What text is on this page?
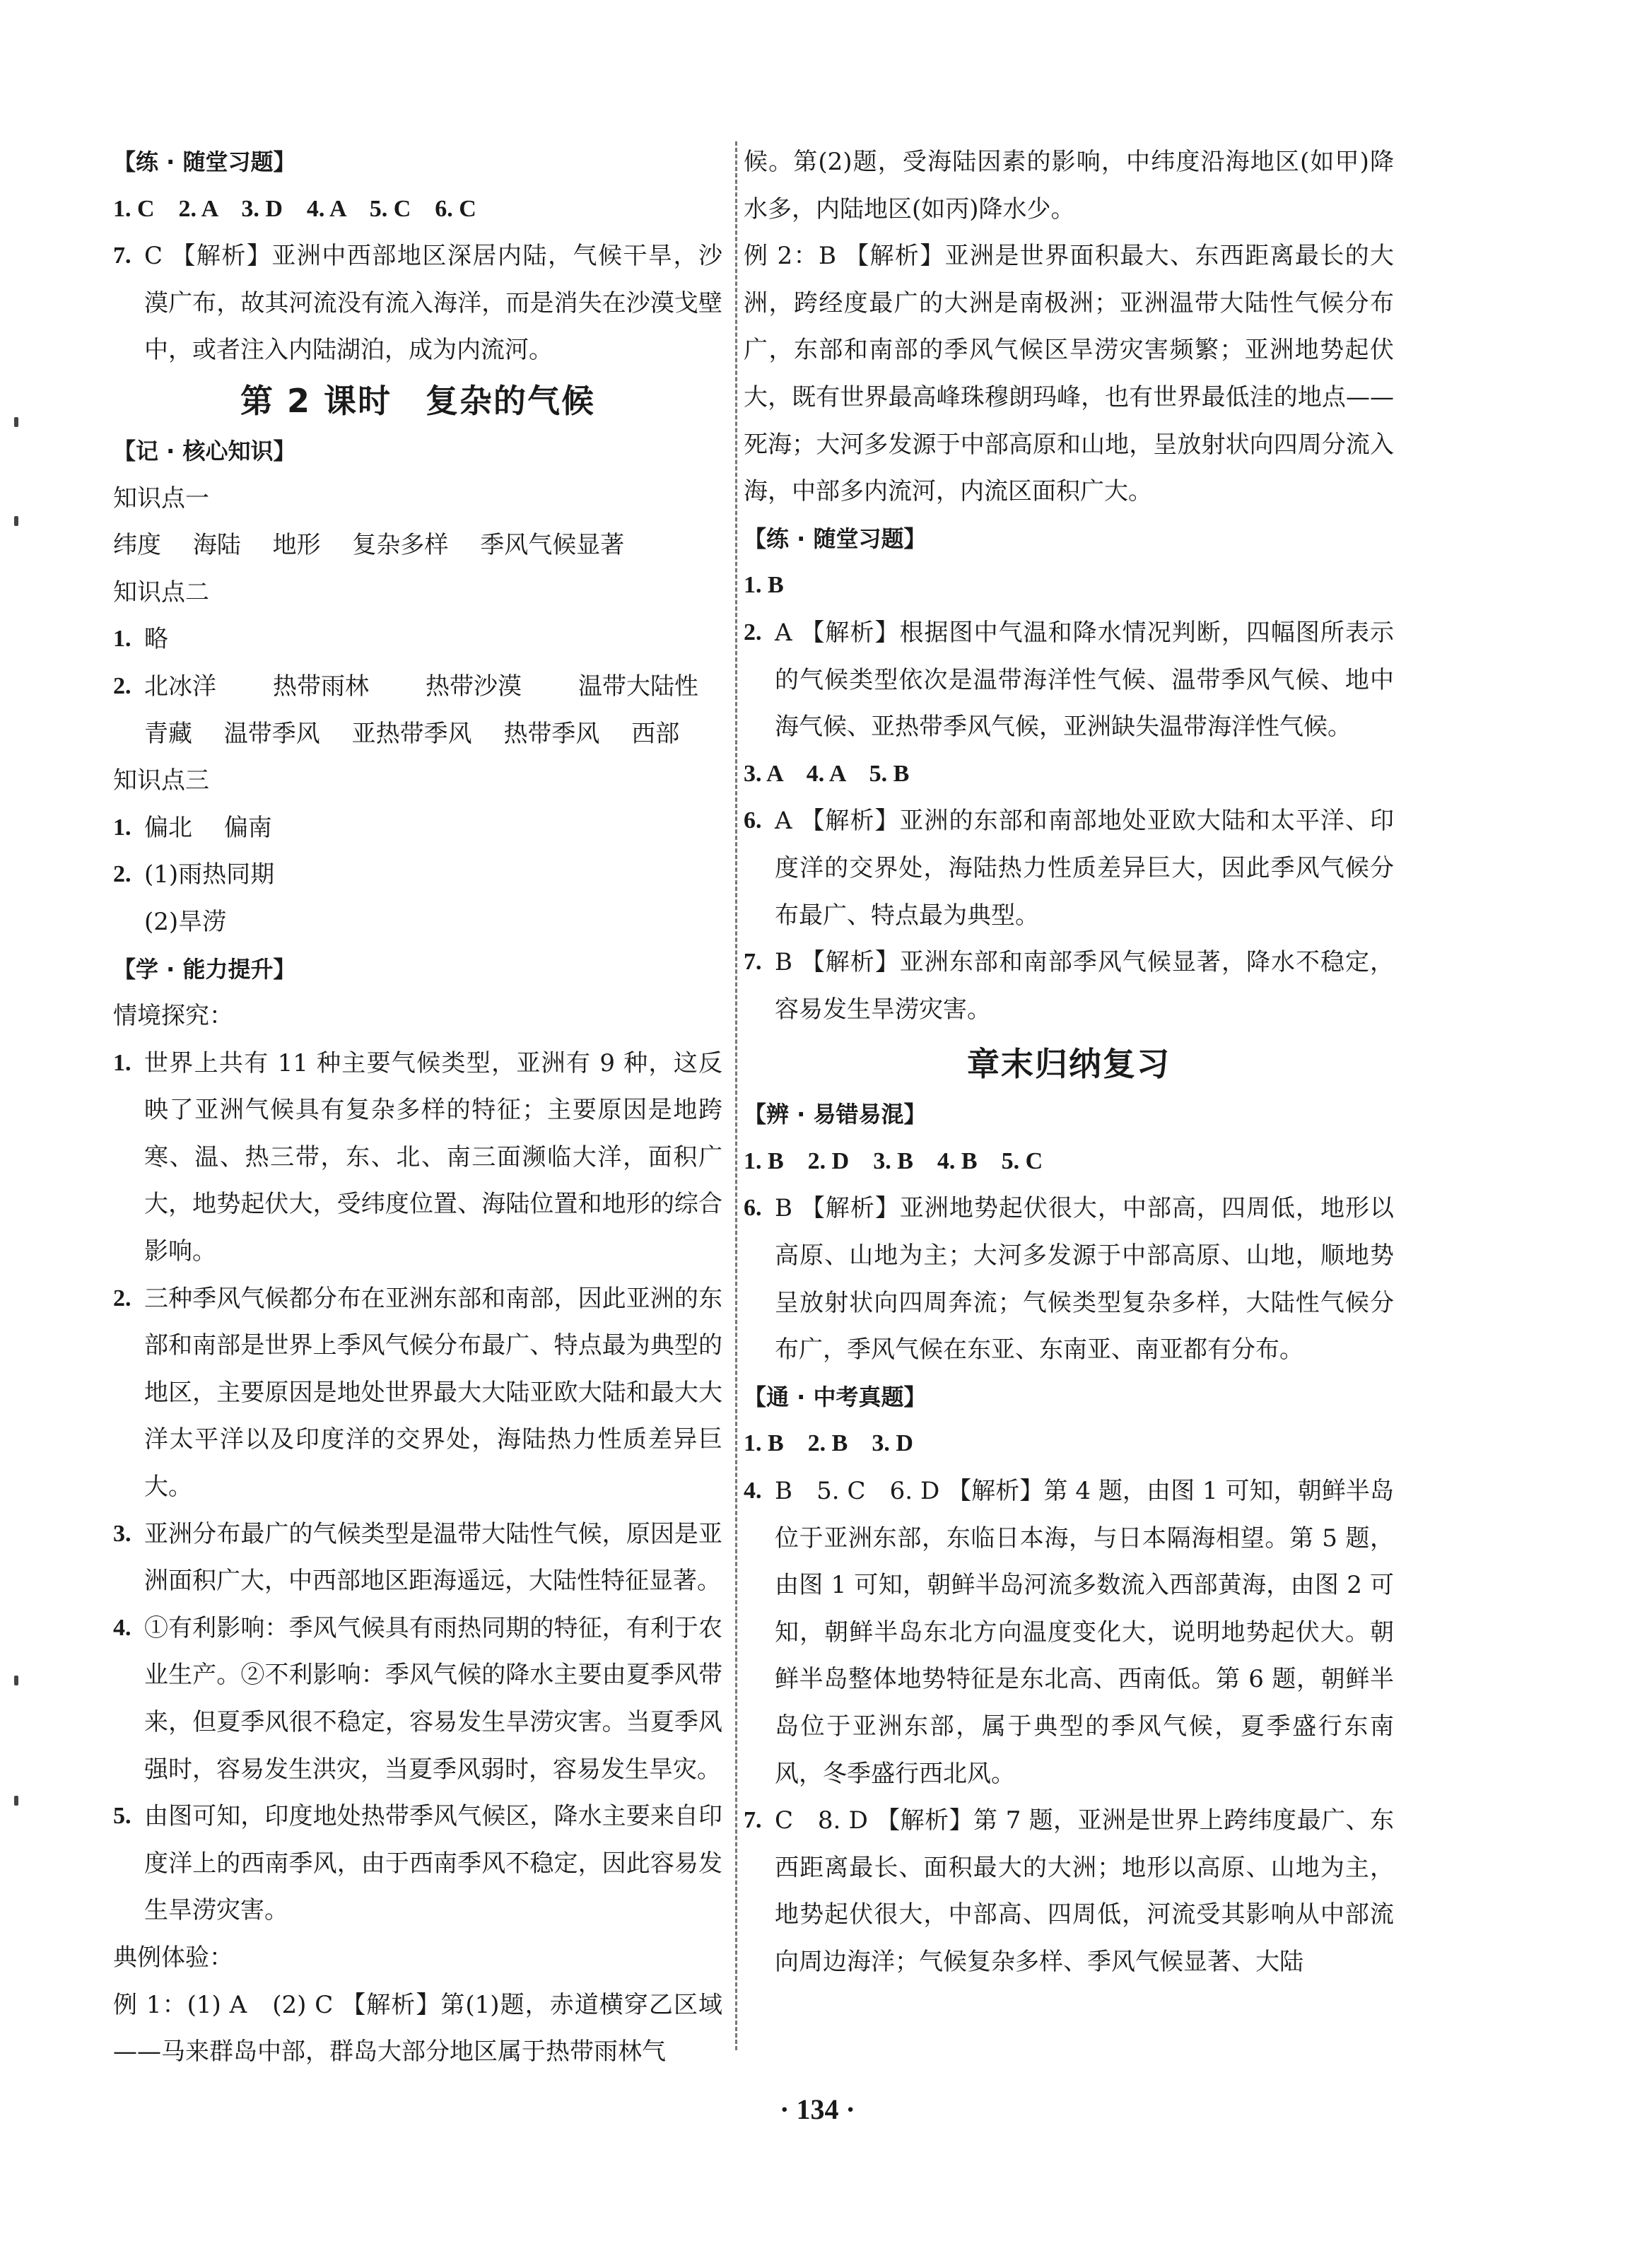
【练 · 随堂习题】
1. C　2. A　3. D　4. A　5. C　6. C
7. C 【解析】亚洲中西部地区深居内陆，气候干旱，沙漠广布，故其河流没有流入海洋，而是消失在沙漠戈壁中，或者注入内陆湖泊，成为内流河。
第 2 课时　复杂的气候
【记 · 核心知识】
知识点一
纬度 海陆 地形 复杂多样 季风气候显著
知识点二
1. 略
2. 北冰洋 热带雨林 热带沙漠 温带大陆性 青藏 温带季风 亚热带季风 热带季风 西部
知识点三
1. 偏北 偏南
2. (1)雨热同期
(2)旱涝
【学 · 能力提升】
情境探究：
1. 世界上共有 11 种主要气候类型，亚洲有 9 种，这反映了亚洲气候具有复杂多样的特征；主要原因是地跨寒、温、热三带，东、北、南三面濒临大洋，面积广大，地势起伏大，受纬度位置、海陆位置和地形的综合影响。
2. 三种季风气候都分布在亚洲东部和南部，因此亚洲的东部和南部是世界上季风气候分布最广、特点最为典型的地区，主要原因是地处世界最大大陆亚欧大陆和最大大洋太平洋以及印度洋的交界处，海陆热力性质差异巨大。
3. 亚洲分布最广的气候类型是温带大陆性气候，原因是亚洲面积广大，中西部地区距海遥远，大陆性特征显著。
4. ①有利影响：季风气候具有雨热同期的特征，有利于农业生产。②不利影响：季风气候的降水主要由夏季风带来，但夏季风很不稳定，容易发生旱涝灾害。当夏季风强时，容易发生洪灾，当夏季风弱时，容易发生旱灾。
5. 由图可知，印度地处热带季风气候区，降水主要来自印度洋上的西南季风，由于西南季风不稳定，因此容易发生旱涝灾害。
典例体验：
例 1：(1) A　(2) C 【解析】第(1)题，赤道横穿乙区域——马来群岛中部，群岛大部分地区属于热带雨林气
候。第(2)题，受海陆因素的影响，中纬度沿海地区(如甲)降水多，内陆地区(如丙)降水少。
例 2：B 【解析】亚洲是世界面积最大、东西距离最长的大洲，跨经度最广的大洲是南极洲；亚洲温带大陆性气候分布广，东部和南部的季风气候区旱涝灾害频繁；亚洲地势起伏大，既有世界最高峰珠穆朗玛峰，也有世界最低洼的地点——死海；大河多发源于中部高原和山地，呈放射状向四周分流入海，中部多内流河，内流区面积广大。
【练 · 随堂习题】
1. B
2. A 【解析】根据图中气温和降水情况判断，四幅图所表示的气候类型依次是温带海洋性气候、温带季风气候、地中海气候、亚热带季风气候，亚洲缺失温带海洋性气候。
3. A　4. A　5. B
6. A 【解析】亚洲的东部和南部地处亚欧大陆和太平洋、印度洋的交界处，海陆热力性质差异巨大，因此季风气候分布最广、特点最为典型。
7. B 【解析】亚洲东部和南部季风气候显著，降水不稳定，容易发生旱涝灾害。
章末归纳复习
【辨 · 易错易混】
1. B　2. D　3. B　4. B　5. C
6. B 【解析】亚洲地势起伏很大，中部高，四周低，地形以高原、山地为主；大河多发源于中部高原、山地，顺地势呈放射状向四周奔流；气候类型复杂多样，大陆性气候分布广，季风气候在东亚、东南亚、南亚都有分布。
【通 · 中考真题】
1. B　2. B　3. D
4. B　5. C　6. D 【解析】第 4 题，由图 1 可知，朝鲜半岛位于亚洲东部，东临日本海，与日本隔海相望。第 5 题，由图 1 可知，朝鲜半岛河流多数流入西部黄海，由图 2 可知，朝鲜半岛东北方向温度变化大，说明地势起伏大。朝鲜半岛整体地势特征是东北高、西南低。第 6 题，朝鲜半岛位于亚洲东部，属于典型的季风气候，夏季盛行东南风，冬季盛行西北风。
7. C　8. D 【解析】第 7 题，亚洲是世界上跨纬度最广、东西距离最长、面积最大的大洲；地形以高原、山地为主，地势起伏很大，中部高、四周低，河流受其影响从中部流向周边海洋；气候复杂多样、季风气候显著、大陆
· 134 ·
